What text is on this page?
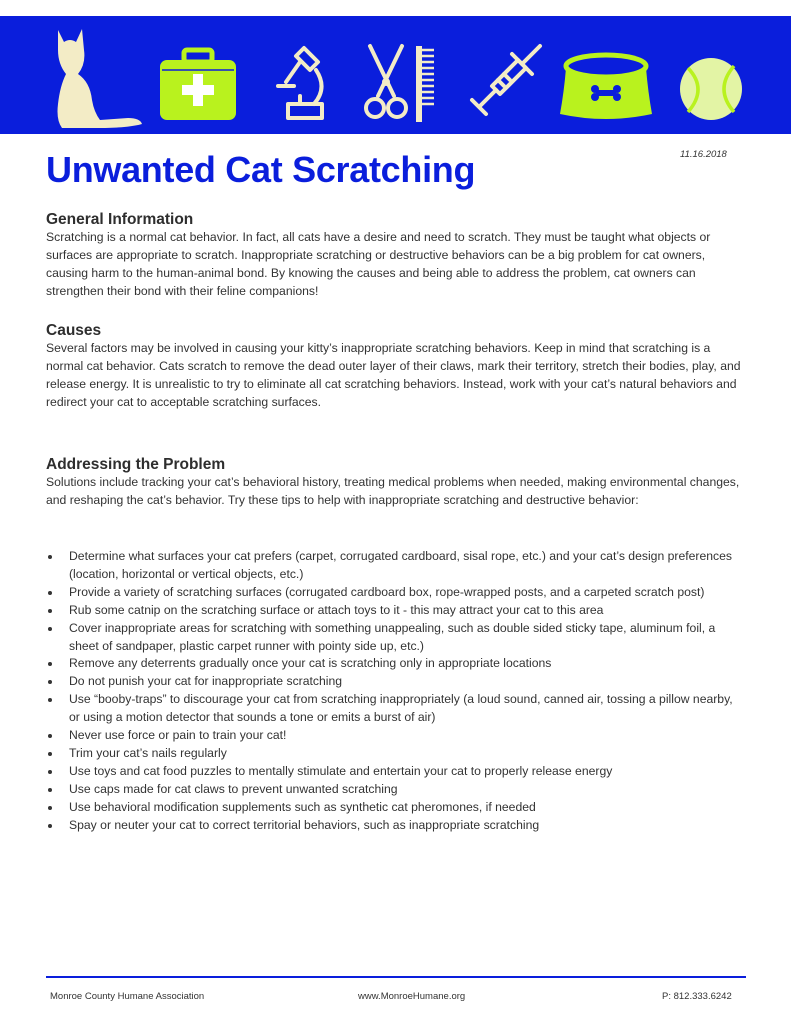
11.16.2018
Unwanted Cat Scratching
General Information

Scratching is a normal cat behavior. In fact, all cats have a desire and need to scratch. They must be taught what objects or surfaces are appropriate to scratch. Inappropriate scratching or destructive behaviors can be a big problem for cat owners, causing harm to the human-animal bond. By knowing the causes and being able to address the problem, cat owners can strengthen their bond with their feline companions!

Causes

Several factors may be involved in causing your kitty’s inappropriate scratching behaviors. Keep in mind that scratching is a normal cat behavior. Cats scratch to remove the dead outer layer of their claws, mark their territory, stretch their bodies, play, and release energy. It is unrealistic to try to eliminate all cat scratching behaviors. Instead, work with your cat’s natural behaviors and redirect your cat to acceptable scratching surfaces.

Addressing the Problem

Solutions include tracking your cat’s behavioral history, treating medical problems when needed, making environmental changes, and reshaping the cat’s behavior. Try these tips to help with inappropriate scratching and destructive behavior:

Determine what surfaces your cat prefers (carpet, corrugated cardboard, sisal rope, etc.) and your cat’s design preferences (location, horizontal or vertical objects, etc.)
Provide a variety of scratching surfaces (corrugated cardboard box, rope-wrapped posts, and a carpeted scratch post)
Rub some catnip on the scratching surface or attach toys to it - this may attract your cat to this area
Cover inappropriate areas for scratching with something unappealing, such as double sided sticky tape, aluminum foil, a sheet of sandpaper, plastic carpet runner with pointy side up, etc.)
Remove any deterrents gradually once your cat is scratching only in appropriate locations
Do not punish your cat for inappropriate scratching
Use “booby-traps” to discourage your cat from scratching inappropriately (a loud sound, canned air, tossing a pillow nearby, or using a motion detector that sounds a tone or emits a burst of air)
Never use force or pain to train your cat!
Trim your cat’s nails regularly
Use toys and cat food puzzles to mentally stimulate and entertain your cat to properly release energy
Use caps made for cat claws to prevent unwanted scratching
Use behavioral modification supplements such as synthetic cat pheromones, if needed
Spay or neuter your cat to correct territorial behaviors, such as inappropriate scratching
Monroe County Humane Association	www.MonroeHumane.org	P: 812.333.6242
